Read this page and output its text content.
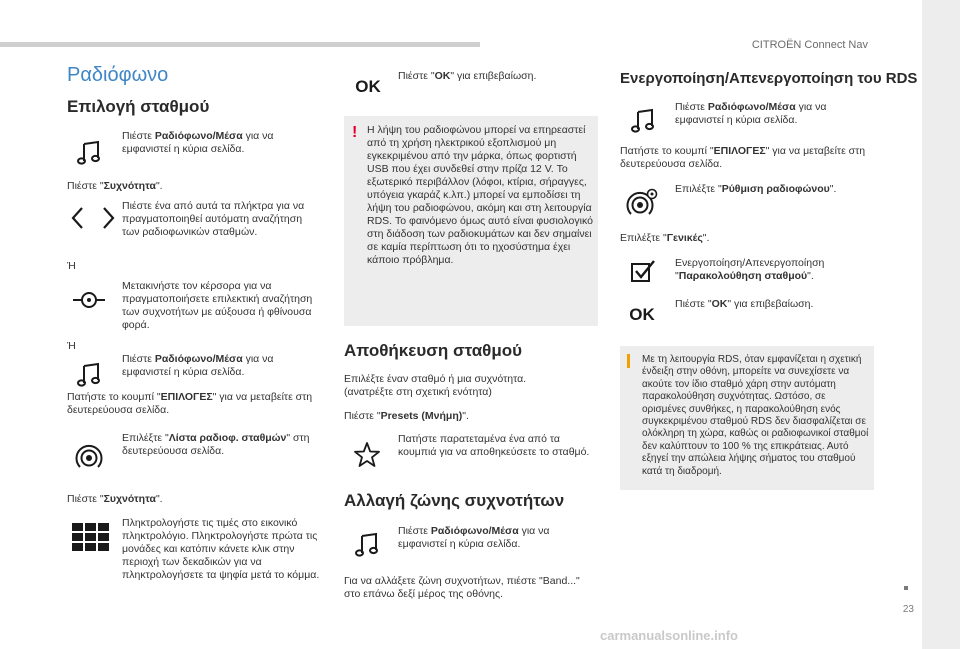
CITROËN Connect Nav
23
carmanualsonline.info
Ραδιόφωνο
Επιλογή σταθμού
Πιέστε Ραδιόφωνο/Μέσα για να εμφανιστεί η κύρια σελίδα.
Πιέστε "Συχνότητα".
Πιέστε ένα από αυτά τα πλήκτρα για να πραγματοποιηθεί αυτόματη αναζήτηση των ραδιοφωνικών σταθμών.
Ή
Μετακινήστε τον κέρσορα για να πραγματοποιήσετε επιλεκτική αναζήτηση των συχνοτήτων με αύξουσα ή φθίνουσα φορά.
Ή
Πιέστε Ραδιόφωνο/Μέσα για να εμφανιστεί η κύρια σελίδα.
Πατήστε το κουμπί "ΕΠΙΛΟΓΕΣ" για να μεταβείτε στη δευτερεύουσα σελίδα.
Επιλέξτε "Λίστα ραδιοφ. σταθμών" στη δευτερεύουσα σελίδα.
Πιέστε "Συχνότητα".
Πληκτρολογήστε τις τιμές στο εικονικό πληκτρολόγιο. Πληκτρολογήστε πρώτα τις μονάδες και κατόπιν κάνετε κλικ στην περιοχή των δεκαδικών για να πληκτρολογήσετε τα ψηφία μετά το κόμμα.
OK
Πιέστε "OK" για επιβεβαίωση.
! Η λήψη του ραδιοφώνου μπορεί να επηρεαστεί από τη χρήση ηλεκτρικού εξοπλισμού μη εγκεκριμένου από την μάρκα, όπως φορτιστή USB που έχει συνδεθεί στην πρίζα 12 V. Το εξωτερικό περιβάλλον (λόφοι, κτίρια, σήραγγες, υπόγεια γκαράζ κ.λπ.) μπορεί να εμποδίσει τη λήψη του ραδιοφώνου, ακόμη και στη λειτουργία RDS. Το φαινόμενο όμως αυτό είναι φυσιολογικό στη διάδοση των ραδιοκυμάτων και δεν σημαίνει σε καμία περίπτωση ότι το ηχοσύστημα έχει κάποιο πρόβλημα.
Αποθήκευση σταθμού
Επιλέξτε έναν σταθμό ή μια συχνότητα. (ανατρέξτε στη σχετική ενότητα)
Πιέστε "Presets (Μνήμη)".
Πατήστε παρατεταμένα ένα από τα κουμπιά για να αποθηκεύσετε το σταθμό.
Αλλαγή ζώνης συχνοτήτων
Πιέστε Ραδιόφωνο/Μέσα για να εμφανιστεί η κύρια σελίδα.
Για να αλλάξετε ζώνη συχνοτήτων, πιέστε "Band..." στο επάνω δεξί μέρος της οθόνης.
Ενεργοποίηση/Απενεργοποίηση του RDS
Πιέστε Ραδιόφωνο/Μέσα για να εμφανιστεί η κύρια σελίδα.
Πατήστε το κουμπί "ΕΠΙΛΟΓΕΣ" για να μεταβείτε στη δευτερεύουσα σελίδα.
Επιλέξτε "Ρύθμιση ραδιοφώνου".
Επιλέξτε "Γενικές".
Ενεργοποίηση/Απενεργοποίηση "Παρακολούθηση σταθμού".
OK
Πιέστε "OK" για επιβεβαίωση.
Με τη λειτουργία RDS, όταν εμφανίζεται η σχετική ένδειξη στην οθόνη, μπορείτε να συνεχίσετε να ακούτε τον ίδιο σταθμό χάρη στην αυτόματη παρακολούθηση συχνότητας. Ωστόσο, σε ορισμένες συνθήκες, η παρακολούθηση ενός συγκεκριμένου σταθμού RDS δεν διασφαλίζεται σε ολόκληρη τη χώρα, καθώς οι ραδιοφωνικοί σταθμοί δεν καλύπτουν το 100 % της επικράτειας. Αυτό εξηγεί την απώλεια λήψης σήματος του σταθμού κατά τη διαδρομή.
